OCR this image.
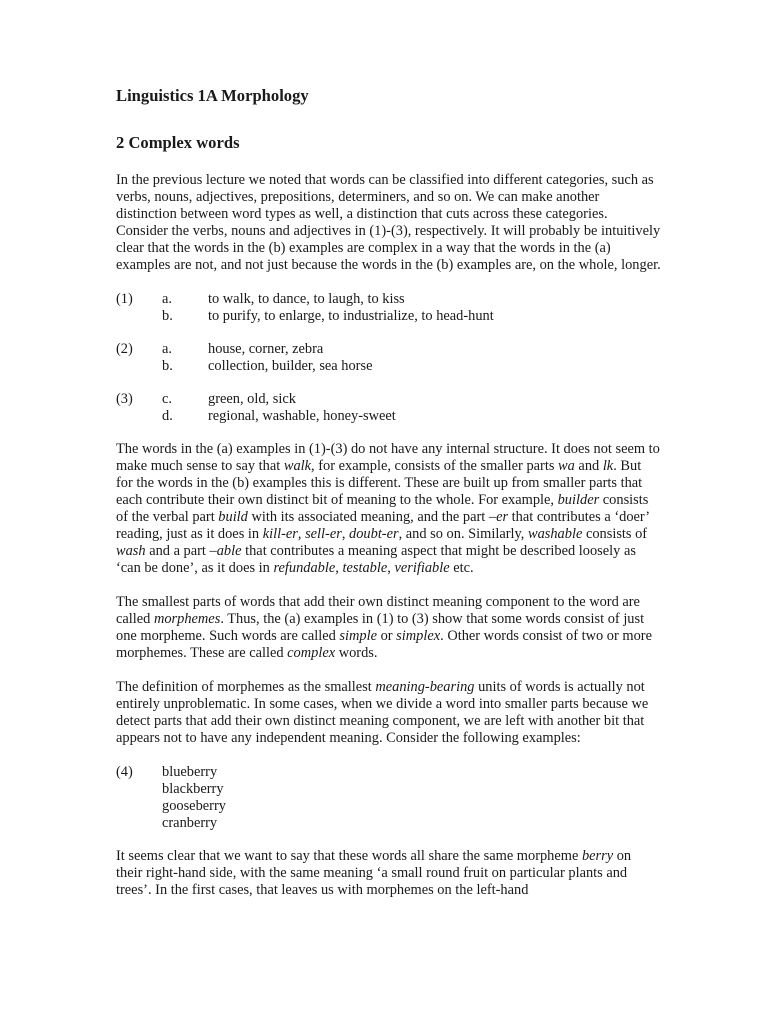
Linguistics 1A Morphology
2 Complex words

In the previous lecture we noted that words can be classified into different categories, such as verbs, nouns, adjectives, prepositions, determiners, and so on. We can make another distinction between word types as well, a distinction that cuts across these categories. Consider the verbs, nouns and adjectives in (1)-(3), respectively. It will probably be intuitively clear that the words in the (b) examples are complex in a way that the words in the (a) examples are not, and not just because the words in the (b) examples are, on the whole, longer.

(1)	a.	to walk, to dance, to laugh, to kiss
b.	to purify, to enlarge, to industrialize, to head-hunt
(2)	a.	house, corner, zebra
b.	collection, builder, sea horse
(3)	c.	green, old, sick
d.	regional, washable, honey-sweet

The words in the (a) examples in (1)-(3) do not have any internal structure. It does not seem to make much sense to say that walk, for example, consists of the smaller parts wa and lk. But for the words in the (b) examples this is different. These are built up from smaller parts that each contribute their own distinct bit of meaning to the whole. For example, builder consists of the verbal part build with its associated meaning, and the part –er that contributes a ‘doer’ reading, just as it does in kill-er, sell-er, doubt-er, and so on. Similarly, washable consists of wash and a part –able that contributes a meaning aspect that might be described loosely as ‘can be done’, as it does in refundable, testable, verifiable etc.

The smallest parts of words that add their own distinct meaning component to the word are called morphemes. Thus, the (a) examples in (1) to (3) show that some words consist of just one morpheme. Such words are called simple or simplex. Other words consist of two or more morphemes. These are called complex words.

The definition of morphemes as the smallest meaning-bearing units of words is actually not entirely unproblematic. In some cases, when we divide a word into smaller parts because we detect parts that add their own distinct meaning component, we are left with another bit that appears not to have any independent meaning. Consider the following examples:

(4)	blueberry
blackberry
gooseberry
cranberry

It seems clear that we want to say that these words all share the same morpheme berry on their right-hand side, with the same meaning ‘a small round fruit on particular plants and trees’. In the first cases, that leaves us with morphemes on the left-hand
